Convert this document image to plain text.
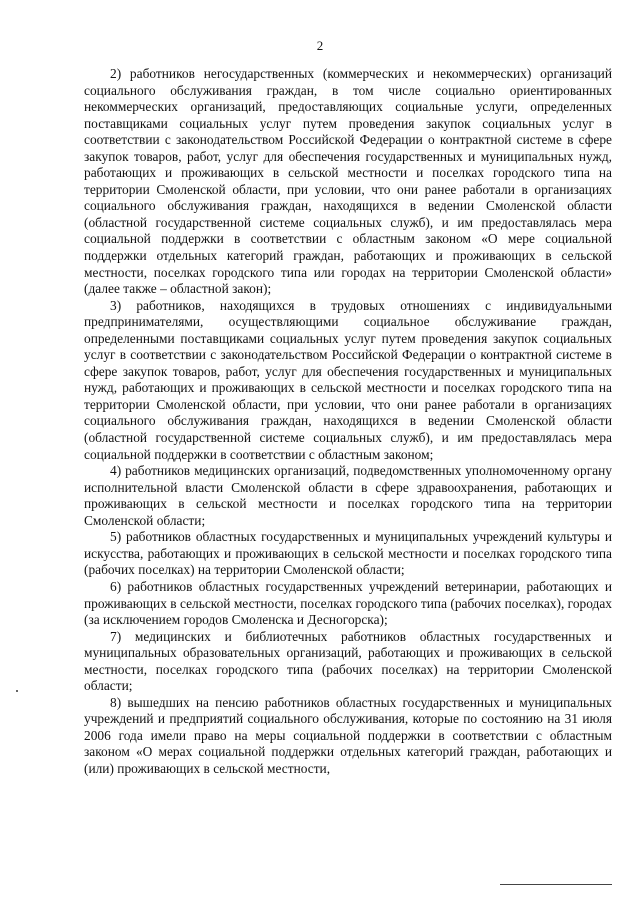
2

2) работников негосударственных (коммерческих и некоммерческих) организаций социального обслуживания граждан, в том числе социально ориентированных некоммерческих организаций, предоставляющих социальные услуги, определенных поставщиками социальных услуг путем проведения закупок социальных услуг в соответствии с законодательством Российской Федерации о контрактной системе в сфере закупок товаров, работ, услуг для обеспечения государственных и муниципальных нужд, работающих и проживающих в сельской местности и поселках городского типа на территории Смоленской области, при условии, что они ранее работали в организациях социального обслуживания граждан, находящихся в ведении Смоленской области (областной государственной системе социальных служб), и им предоставлялась мера социальной поддержки в соответствии с областным законом «О мере социальной поддержки отдельных категорий граждан, работающих и проживающих в сельской местности, поселках городского типа или городах на территории Смоленской области» (далее также – областной закон);

3) работников, находящихся в трудовых отношениях с индивидуальными предпринимателями, осуществляющими социальное обслуживание граждан, определенными поставщиками социальных услуг путем проведения закупок социальных услуг в соответствии с законодательством Российской Федерации о контрактной системе в сфере закупок товаров, работ, услуг для обеспечения государственных и муниципальных нужд, работающих и проживающих в сельской местности и поселках городского типа на территории Смоленской области, при условии, что они ранее работали в организациях социального обслуживания граждан, находящихся в ведении Смоленской области (областной государственной системе социальных служб), и им предоставлялась мера социальной поддержки в соответствии с областным законом;

4) работников медицинских организаций, подведомственных уполномоченному органу исполнительной власти Смоленской области в сфере здравоохранения, работающих и проживающих в сельской местности и поселках городского типа на территории Смоленской области;

5) работников областных государственных и муниципальных учреждений культуры и искусства, работающих и проживающих в сельской местности и поселках городского типа (рабочих поселках) на территории Смоленской области;

6) работников областных государственных учреждений ветеринарии, работающих и проживающих в сельской местности, поселках городского типа (рабочих поселках), городах (за исключением городов Смоленска и Десногорска);

7) медицинских и библиотечных работников областных государственных и муниципальных образовательных организаций, работающих и проживающих в сельской местности, поселках городского типа (рабочих поселках) на территории Смоленской области;

8) вышедших на пенсию работников областных государственных и муниципальных учреждений и предприятий социального обслуживания, которые по состоянию на 31 июля 2006 года имели право на меры социальной поддержки в соответствии с областным законом «О мерах социальной поддержки отдельных категорий граждан, работающих и (или) проживающих в сельской местности,
